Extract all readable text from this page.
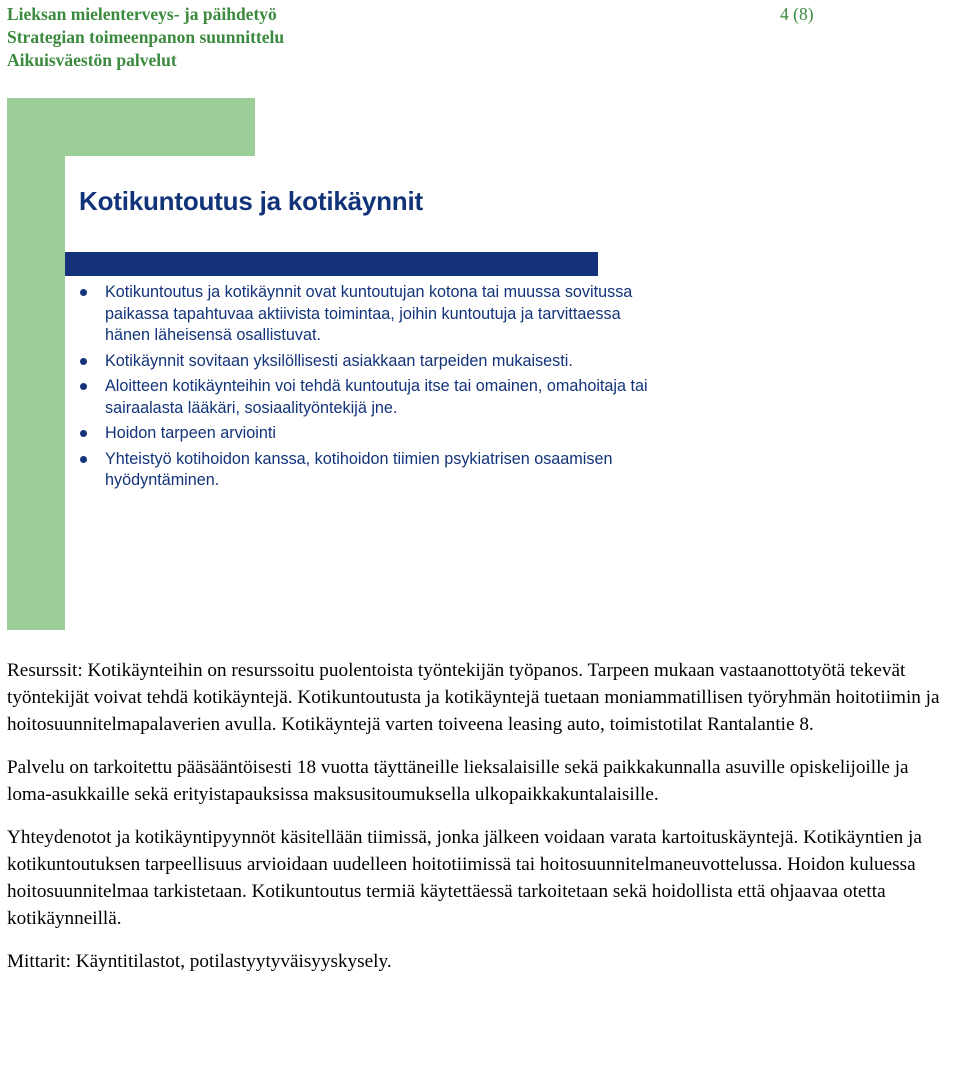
Lieksan mielenterveys- ja päihdetyö
Strategian toimeenpanon suunnittelu
Aikuisväestön palvelut
4 (8)
Kotikuntoutus ja kotikäynnit
Kotikuntoutus ja kotikäynnit ovat kuntoutujan kotona tai muussa sovitussa paikassa tapahtuvaa aktiivista toimintaa, joihin kuntoutuja ja tarvittaessa hänen läheisensä osallistuvat.
Kotikäynnit sovitaan yksilöllisesti asiakkaan tarpeiden mukaisesti.
Aloitteen kotikäynteihin voi tehdä kuntoutuja itse tai omainen, omahoitaja tai sairaalasta lääkäri, sosiaalityöntekijä jne.
Hoidon tarpeen arviointi
Yhteistyö kotihoidon kanssa, kotihoidon tiimien psykiatrisen osaamisen hyödyntäminen.

Resurssit: Kotikäynteihin on resurssoitu puolentoista työntekijän työpanos. Tarpeen mukaan vastaanottotyötä tekevät työntekijät voivat tehdä kotikäyntejä. Kotikuntoutusta ja kotikäyntejä tuetaan moniammatillisen työryhmän hoitotiimin ja hoitosuunnitelmapalaverien avulla. Kotikäyntejä varten toiveena leasing auto, toimistotilat Rantalantie 8.

Palvelu on tarkoitettu pääsääntöisesti 18 vuotta täyttäneille lieksalaisille sekä paikkakunnalla asuville opiskelijoille ja loma-asukkaille sekä erityistapauksissa maksusitoumuksella ulkopaikkakuntalaisille.

Yhteydenotot ja kotikäyntipyynnöt käsitellään tiimissä, jonka jälkeen voidaan varata kartoituskäyntejä. Kotikäyntien ja kotikuntoutuksen tarpeellisuus arvioidaan uudelleen hoitotiimissä tai hoitosuunnitelmaneuvottelussa. Hoidon kuluessa hoitosuunnitelmaa tarkistetaan. Kotikuntoutus termiä käytettäessä tarkoitetaan sekä hoidollista että ohjaavaa otetta kotikäynneillä.

Mittarit: Käyntitilastot, potilastyytyväisyyskysely.
